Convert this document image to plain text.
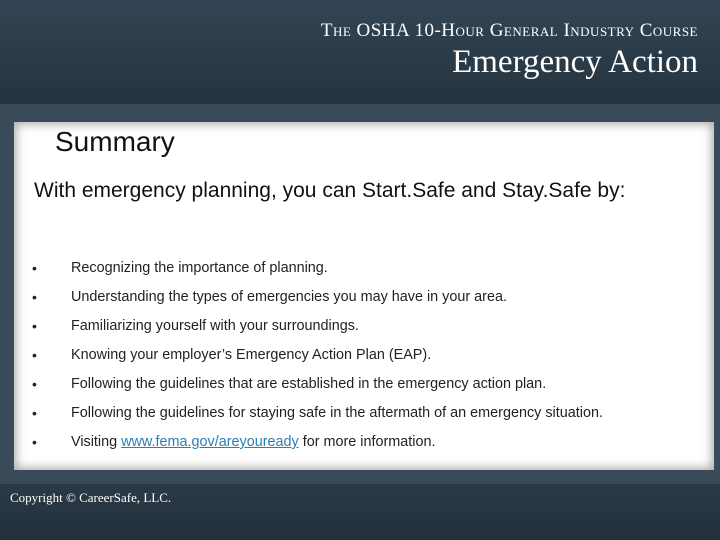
The OSHA 10-Hour General Industry Course
Emergency Action
Summary
With emergency planning, you can Start.Safe and Stay.Safe by:
• Recognizing the importance of planning.
• Understanding the types of emergencies you may have in your area.
• Familiarizing yourself with your surroundings.
• Knowing your employer’s Emergency Action Plan (EAP).
• Following the guidelines that are established in the emergency action plan.
• Following the guidelines for staying safe in the aftermath of an emergency situation.
• Visiting www.fema.gov/areyouready for more information.
Copyright © CareerSafe, LLC.
